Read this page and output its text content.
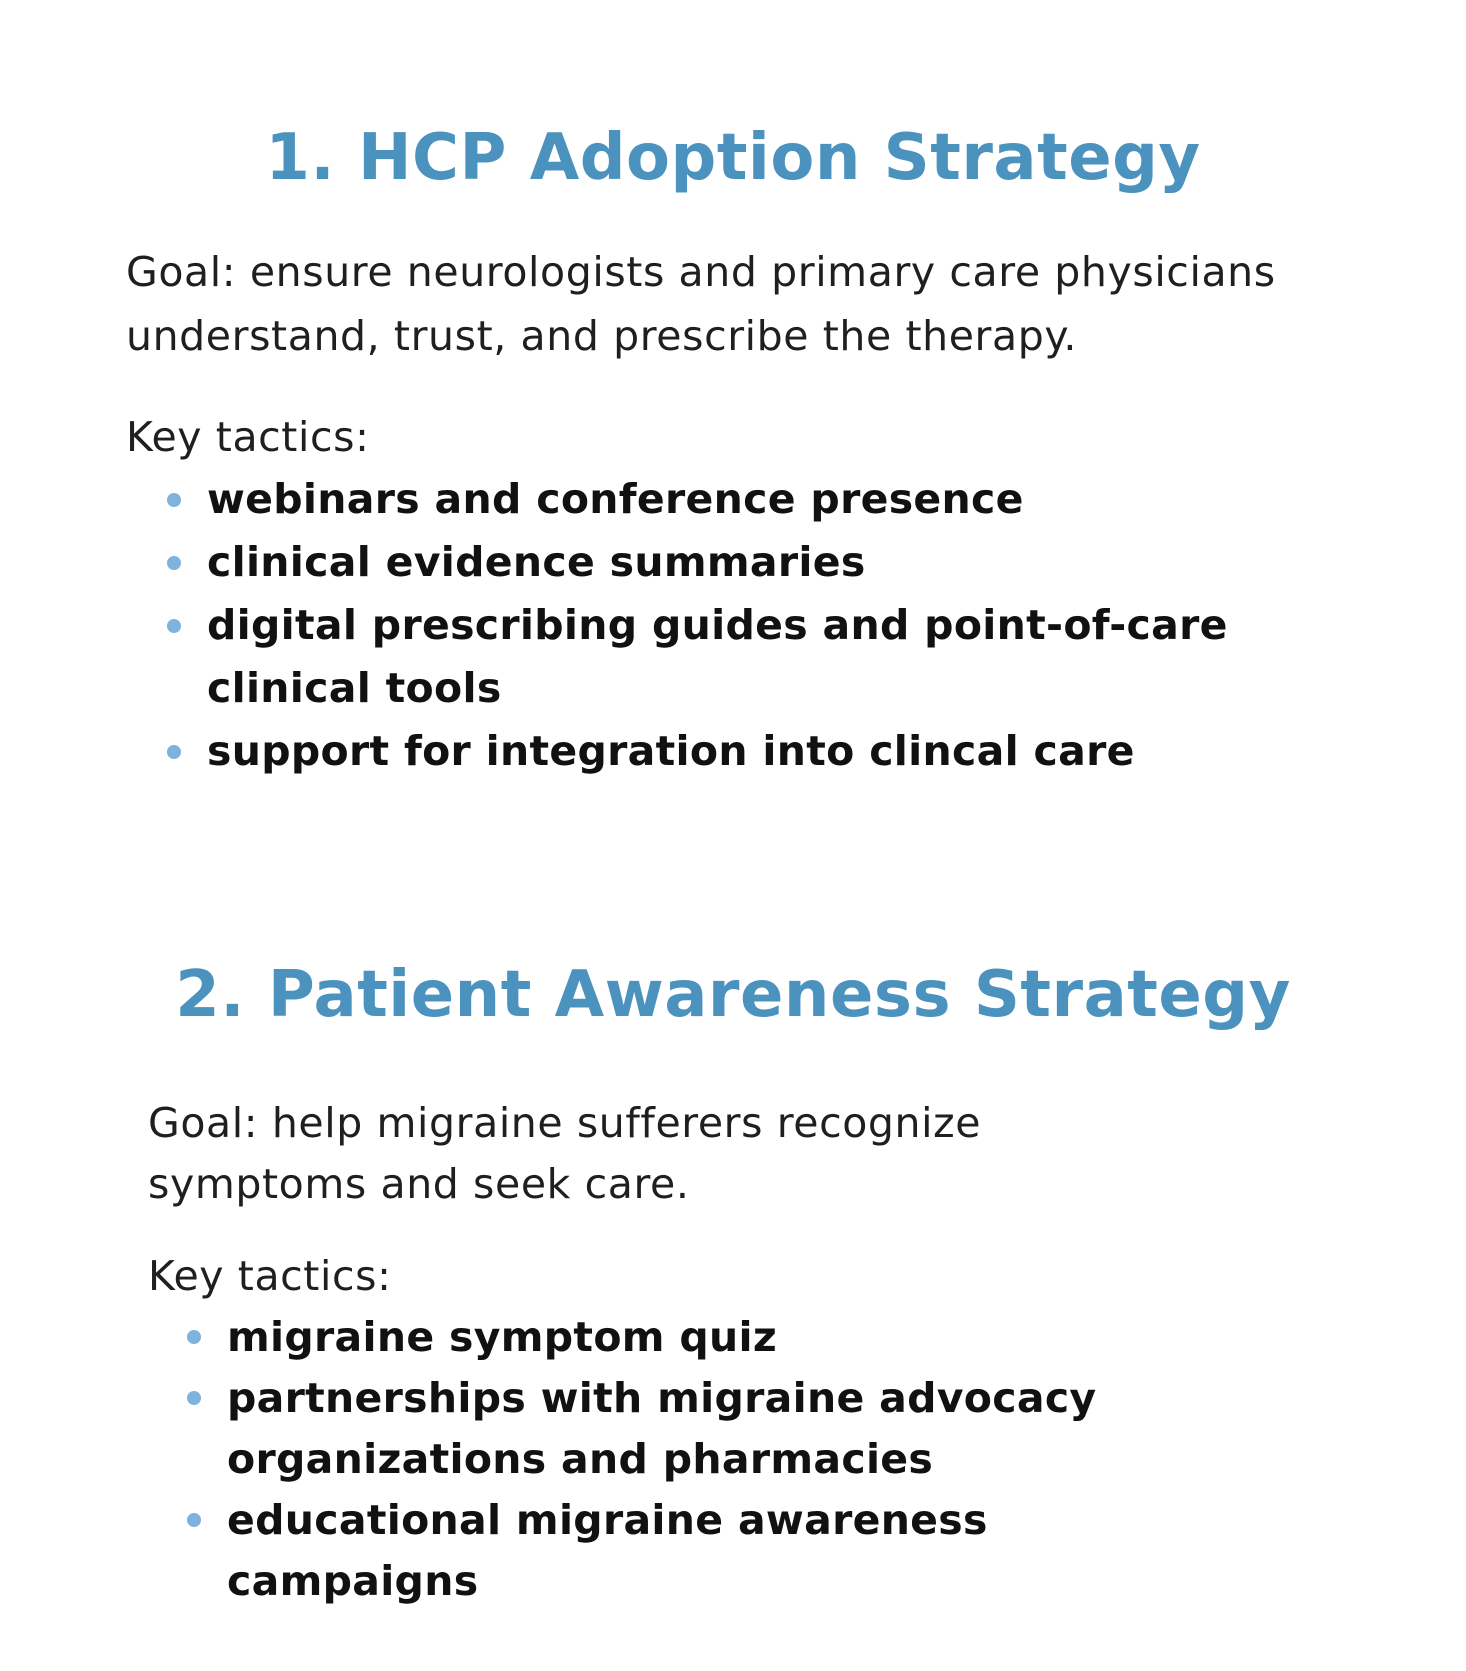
1. HCP Adoption Strategy

Goal: ensure neurologists and primary care physicians understand, trust, and prescribe the therapy.

Key tactics:

webinars and conference presence
clinical evidence summaries
digital prescribing guides and point-of-care clinical tools
support for integration into clincal care
2. Patient Awareness Strategy

Goal: help migraine sufferers recognize symptoms and seek care.

Key tactics:

migraine symptom quiz
partnerships with migraine advocacy organizations and pharmacies
educational migraine awareness campaigns
